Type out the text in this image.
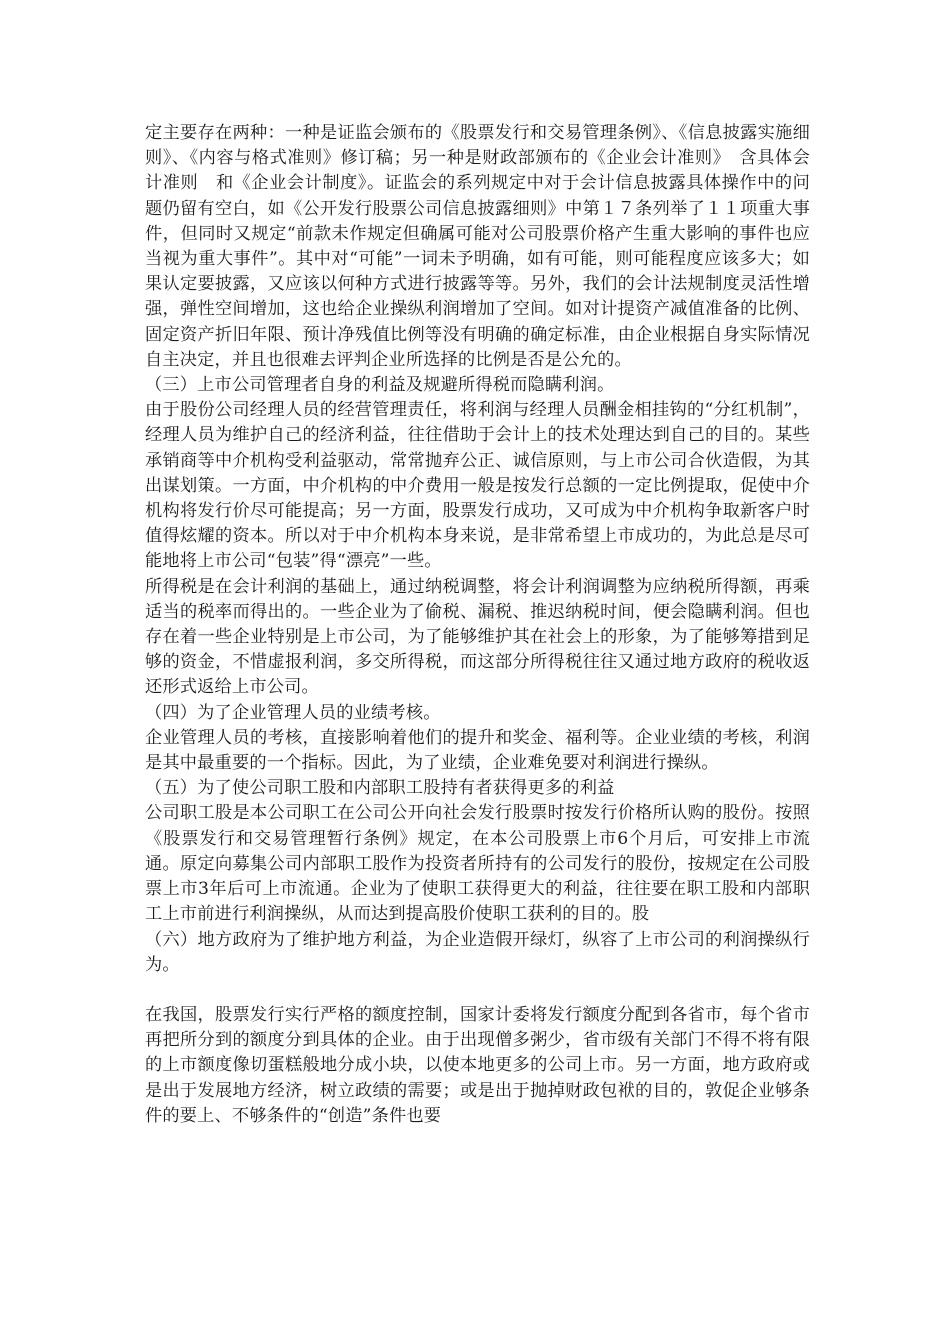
定主要存在两种：一种是证监会颁布的《股票发行和交易管理条例》、《信息披露实施细则》、《内容与格式准则》修订稿；另一种是财政部颁布的《企业会计准则》　含具体会计准则　和《企业会计制度》。证监会的系列规定中对于会计信息披露具体操作中的问题仍留有空白，如《公开发行股票公司信息披露细则》中第１７条列举了１１项重大事件，但同时又规定“前款未作规定但确属可能对公司股票价格产生重大影响的事件也应当视为重大事件”。其中对“可能”一词未予明确，如有可能，则可能程度应该多大；如果认定要披露，又应该以何种方式进行披露等等。另外，我们的会计法规制度灵活性增强，弹性空间增加，这也给企业操纵利润增加了空间。如对计提资产减值准备的比例、固定资产折旧年限、预计净残值比例等没有明确的确定标准，由企业根据自身实际情况自主决定，并且也很难去评判企业所选择的比例是否是公允的。

（三）上市公司管理者自身的利益及规避所得税而隐瞒利润。

由于股份公司经理人员的经营管理责任，将利润与经理人员酬金相挂钩的“分红机制”，经理人员为维护自己的经济利益，往往借助于会计上的技术处理达到自己的目的。某些承销商等中介机构受利益驱动，常常抛弃公正、诚信原则，与上市公司合伙造假，为其出谋划策。一方面，中介机构的中介费用一般是按发行总额的一定比例提取，促使中介机构将发行价尽可能提高；另一方面，股票发行成功，又可成为中介机构争取新客户时值得炫耀的资本。所以对于中介机构本身来说，是非常希望上市成功的，为此总是尽可能地将上市公司“包装”得“漂亮”一些。

所得税是在会计利润的基础上，通过纳税调整，将会计利润调整为应纳税所得额，再乘适当的税率而得出的。一些企业为了偷税、漏税、推迟纳税时间，便会隐瞒利润。但也存在着一些企业特别是上市公司，为了能够维护其在社会上的形象，为了能够筹措到足够的资金，不惜虚报利润，多交所得税，而这部分所得税往往又通过地方政府的税收返还形式返给上市公司。

（四）为了企业管理人员的业绩考核。

企业管理人员的考核，直接影响着他们的提升和奖金、福利等。企业业绩的考核，利润是其中最重要的一个指标。因此，为了业绩，企业难免要对利润进行操纵。

（五）为了使公司职工股和内部职工股持有者获得更多的利益

公司职工股是本公司职工在公司公开向社会发行股票时按发行价格所认购的股份。按照《股票发行和交易管理暂行条例》规定，在本公司股票上市6个月后，可安排上市流通。原定向募集公司内部职工股作为投资者所持有的公司发行的股份，按规定在公司股票上市3年后可上市流通。企业为了使职工获得更大的利益，往往要在职工股和内部职工上市前进行利润操纵，从而达到提高股价使职工获利的目的。股

（六）地方政府为了维护地方利益，为企业造假开绿灯，纵容了上市公司的利润操纵行为。

在我国，股票发行实行严格的额度控制，国家计委将发行额度分配到各省市，每个省市再把所分到的额度分到具体的企业。由于出现僧多粥少，省市级有关部门不得不将有限的上市额度像切蛋糕般地分成小块，以使本地更多的公司上市。另一方面，地方政府或是出于发展地方经济，树立政绩的需要；或是出于抛掉财政包袱的目的，敦促企业够条件的要上、不够条件的“创造”条件也要
